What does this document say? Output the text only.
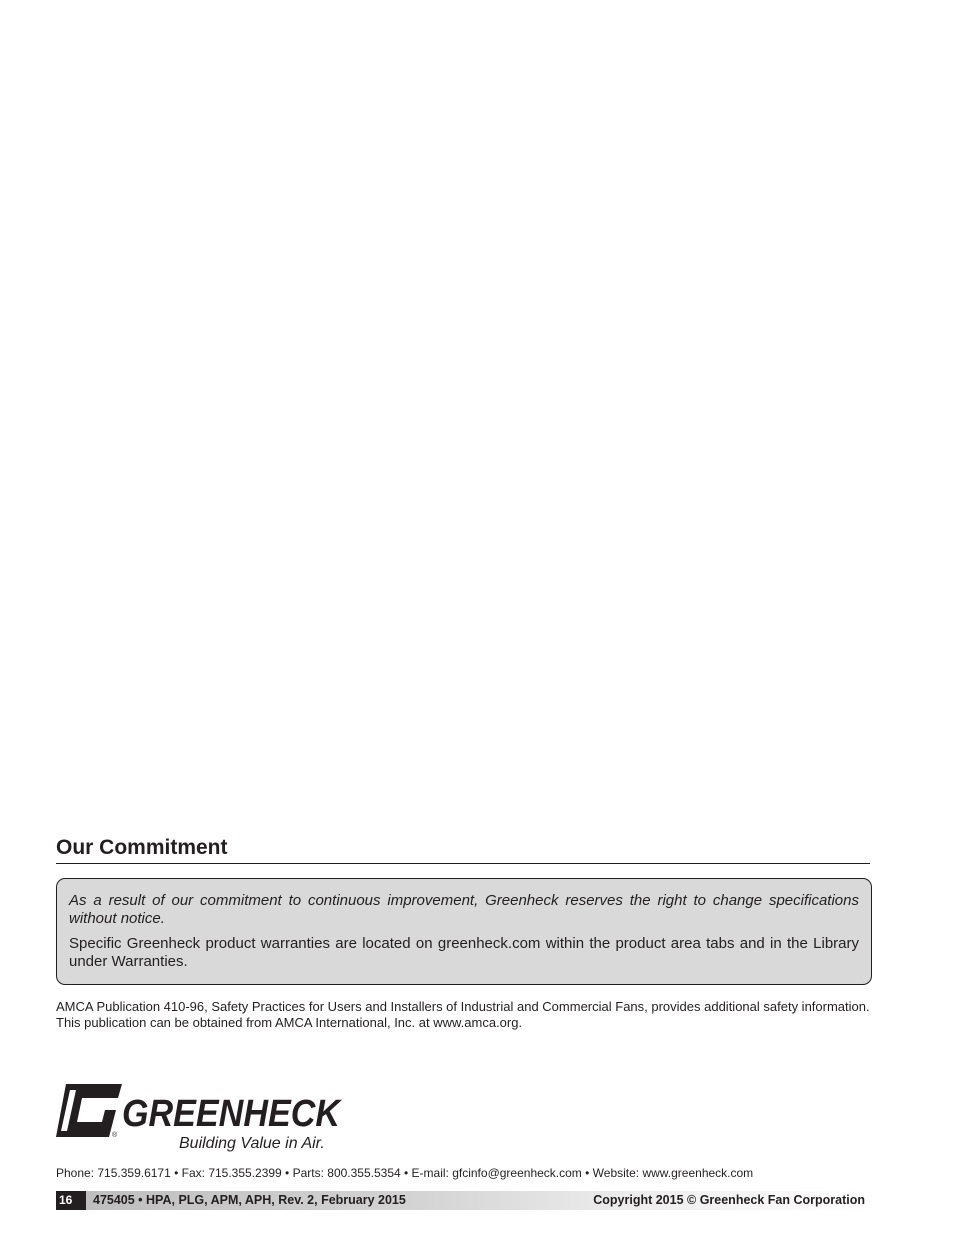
Our Commitment

As a result of our commitment to continuous improvement, Greenheck reserves the right to change specifications without notice.

Specific Greenheck product warranties are located on greenheck.com within the product area tabs and in the Library under Warranties.

AMCA Publication 410-96, Safety Practices for Users and Installers of Industrial and Commercial Fans, provides additional safety information. This publication can be obtained from AMCA International, Inc. at www.amca.org.

®
GREENHECK
Building Value in Air.

Phone: 715.359.6171 • Fax: 715.355.2399 • Parts: 800.355.5354 • E-mail: gfcinfo@greenheck.com • Website: www.greenheck.com

16	475405 • HPA, PLG, APM, APH, Rev. 2, February 2015	Copyright 2015 © Greenheck Fan Corporation
